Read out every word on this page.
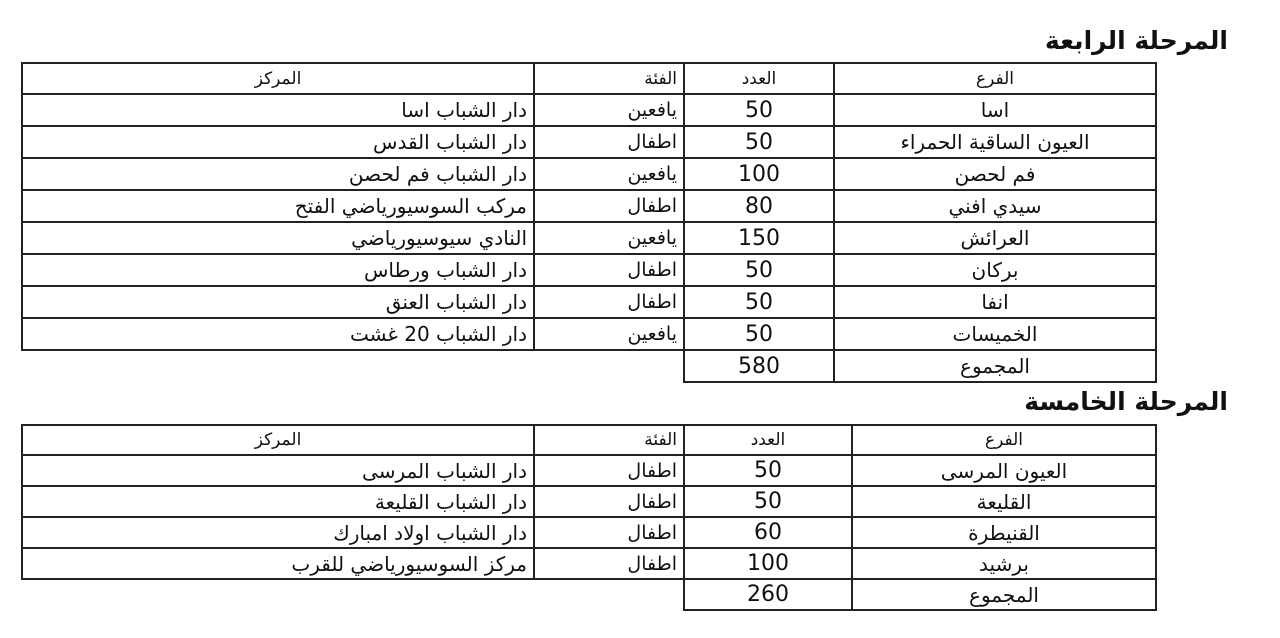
المرحلة الرابعة
المركز	الفئة	العدد	الفرع
دار الشباب اسا	يافعين	50	اسا
دار الشباب القدس	اطفال	50	العيون الساقية الحمراء
دار الشباب فم لحصن	يافعين	100	فم لحصن
مركب السوسيورياضي الفتح	اطفال	80	سيدي افني
النادي سيوسيورياضي	يافعين	150	العرائش
دار الشباب ورطاس	اطفال	50	بركان
دار الشباب العنق	اطفال	50	انفا
دار الشباب 20 غشت	يافعين	50	الخميسات
		580	المجموع
المرحلة الخامسة
المركز	الفئة	العدد	الفرع
دار الشباب المرسى	اطفال	50	العيون المرسى
دار الشباب القليعة	اطفال	50	القليعة
دار الشباب اولاد امبارك	اطفال	60	القنيطرة
مركز السوسيورياضي للقرب	اطفال	100	برشيد
		260	المجموع
